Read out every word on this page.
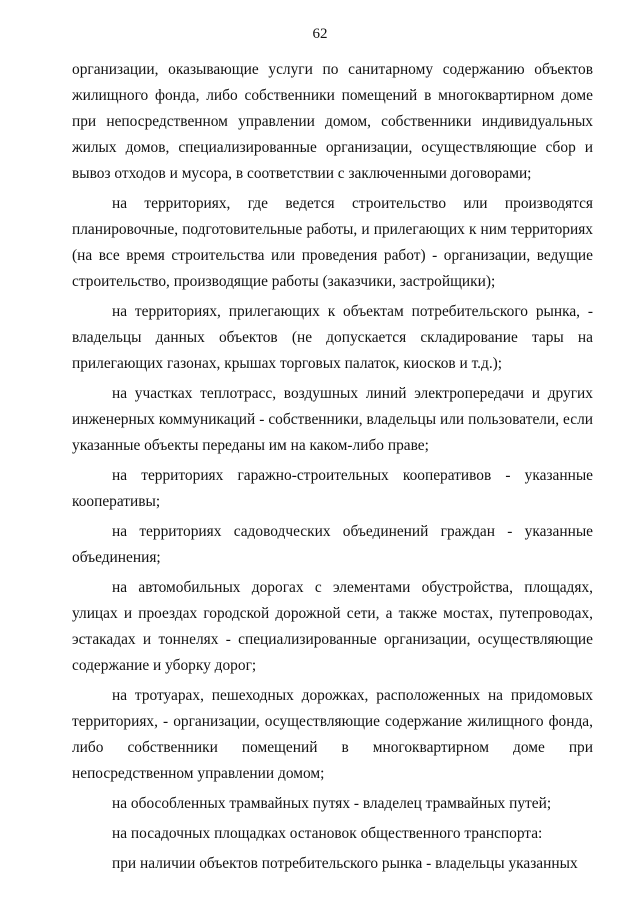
62

организации, оказывающие услуги по санитарному содержанию объектов жилищного фонда, либо собственники помещений в многоквартирном доме при непосредственном управлении домом, собственники индивидуальных жилых домов, специализированные организации, осуществляющие сбор и вывоз отходов и мусора, в соответствии с заключенными договорами;

на территориях, где ведется строительство или производятся планировочные, подготовительные работы, и прилегающих к ним территориях (на все время строительства или проведения работ) - организации, ведущие строительство, производящие работы (заказчики, застройщики);

на территориях, прилегающих к объектам потребительского рынка, - владельцы данных объектов (не допускается складирование тары на прилегающих газонах, крышах торговых палаток, киосков и т.д.);

на участках теплотрасс, воздушных линий электропередачи и других инженерных коммуникаций - собственники, владельцы или пользователи, если указанные объекты переданы им на каком-либо праве;

на территориях гаражно-строительных кооперативов - указанные кооперативы;

на территориях садоводческих объединений граждан - указанные объединения;

на автомобильных дорогах с элементами обустройства, площадях, улицах и проездах городской дорожной сети, а также мостах, путепроводах, эстакадах и тоннелях - специализированные организации, осуществляющие содержание и уборку дорог;

на тротуарах, пешеходных дорожках, расположенных на придомовых территориях, - организации, осуществляющие содержание жилищного фонда, либо собственники помещений в многоквартирном доме при непосредственном управлении домом;

на обособленных трамвайных путях - владелец трамвайных путей;

на посадочных площадках остановок общественного транспорта:

при наличии объектов потребительского рынка - владельцы указанных
